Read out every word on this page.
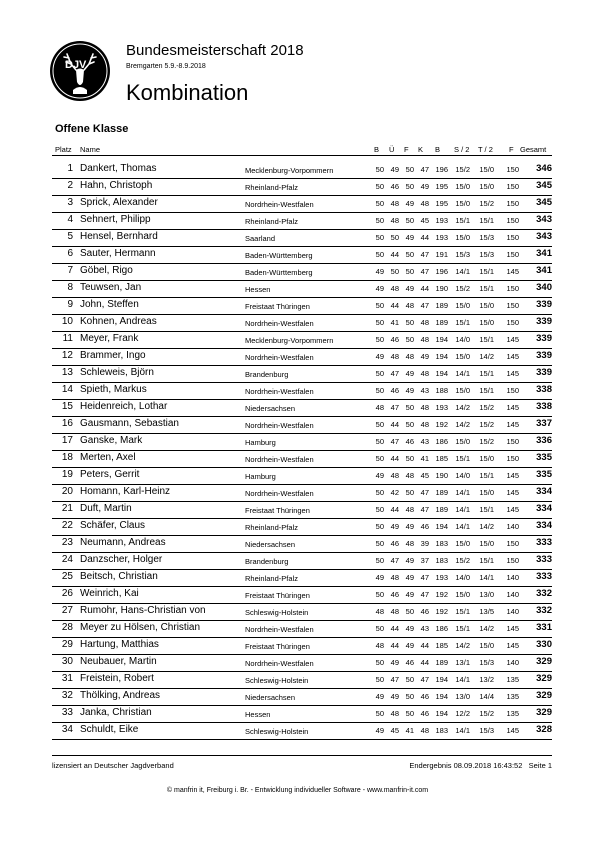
DJV
Bundesmeisterschaft 2018
Bremgarten 5.9.-8.9.2018
Kombination
Offene Klasse
Platz Name	B Ü F K B S / 2 T / 2 F Gesamt
1 Dankert, Thomas	Mecklenburg-Vorpommern	50 49 50 47 196 15/2	15/0	150	346
2 Hahn, Christoph	Rheinland-Pfalz	50 46 50 49 195 15/0	15/0	150	345
3 Sprick, Alexander	Nordrhein-Westfalen	50 48 49 48 195 15/0	15/2	150	345
4 Sehnert, Philipp	Rheinland-Pfalz	50 48 50 45 193 15/1	15/1	150	343
5 Hensel, Bernhard	Saarland	50 50 49 44 193 15/0	15/3	150	343
6 Sauter, Hermann	Baden-Württemberg	50 44 50 47 191 15/3	15/3	150	341
7 Göbel, Rigo	Baden-Württemberg	49 50 50 47 196 14/1	15/1	145	341
8 Teuwsen, Jan	Hessen	49 48 49 44 190 15/2	15/1	150	340
9 John, Steffen	Freistaat Thüringen	50 44 48 47 189 15/0	15/0	150	339
10 Kohnen, Andreas	Nordrhein-Westfalen	50 41 50 48 189 15/1	15/0	150	339
11 Meyer, Frank	Mecklenburg-Vorpommern	50 46 50 48 194 14/0	15/1	145	339
12 Brammer, Ingo	Nordrhein-Westfalen	49 48 48 49 194 15/0	14/2	145	339
13 Schleweis, Björn	Brandenburg	50 47 49 48 194 14/1	15/1	145	339
14 Spieth, Markus	Nordrhein-Westfalen	50 46 49 43 188 15/0	15/1	150	338
15 Heidenreich, Lothar	Niedersachsen	48 47 50 48 193 14/2	15/2	145	338
16 Gausmann, Sebastian	Nordrhein-Westfalen	50 44 50 48 192 14/2	15/2	145	337
17 Ganske, Mark	Hamburg	50 47 46 43 186 15/0	15/2	150	336
18 Merten, Axel	Nordrhein-Westfalen	50 44 50 41 185 15/1	15/0	150	335
19 Peters, Gerrit	Hamburg	49 48 48 45 190 14/0	15/1	145	335
20 Homann, Karl-Heinz	Nordrhein-Westfalen	50 42 50 47 189 14/1	15/0	145	334
21 Duft, Martin	Freistaat Thüringen	50 44 48 47 189 14/1	15/1	145	334
22 Schäfer, Claus	Rheinland-Pfalz	50 49 49 46 194 14/1	14/2	140	334
23 Neumann, Andreas	Niedersachsen	50 46 48 39 183 15/0	15/0	150	333
24 Danzscher, Holger	Brandenburg	50 47 49 37 183 15/2	15/1	150	333
25 Beitsch, Christian	Rheinland-Pfalz	49 48 49 47 193 14/0	14/1	140	333
26 Weinrich, Kai	Freistaat Thüringen	50 46 49 47 192 15/0	13/0	140	332
27 Rumohr, Hans-Christian von	Schleswig-Holstein	48 48 50 46 192 15/1	13/5	140	332
28 Meyer zu Hölsen, Christian	Nordrhein-Westfalen	50 44 49 43 186 15/1	14/2	145	331
29 Hartung, Matthias	Freistaat Thüringen	48 44 49 44 185 14/2	15/0	145	330
30 Neubauer, Martin	Nordrhein-Westfalen	50 49 46 44 189 13/1	15/3	140	329
31 Freistein, Robert	Schleswig-Holstein	50 47 50 47 194 14/1	13/2	135	329
32 Thölking, Andreas	Niedersachsen	49 49 50 46 194 13/0	14/4	135	329
33 Janka, Christian	Hessen	50 48 50 46 194 12/2	15/2	135	329
34 Schuldt, Eike	Schleswig-Holstein	49 45 41 48 183 14/1	15/3	145	328
lizensiert an Deutscher Jagdverband	Endergebnis 08.09.2018 16:43:52   Seite 1
© manfrin it, Freiburg i. Br. - Entwicklung individueller Software - www.manfrin-it.com
